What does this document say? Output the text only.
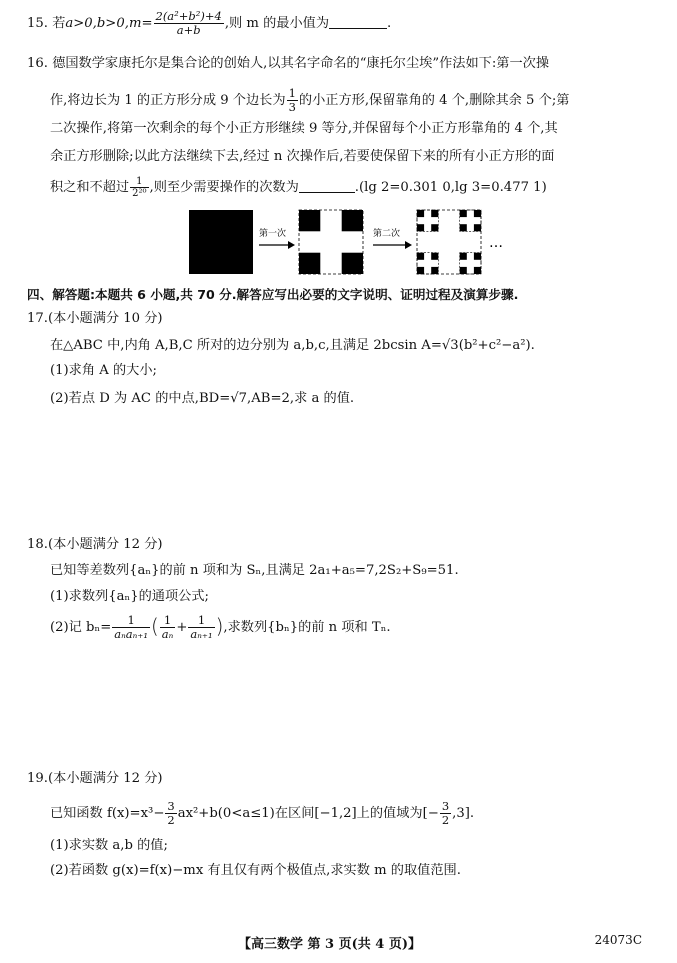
15. 若$a>0,b>0,m= \frac{\text{2(a²+b²)+4}}{a+b}$ ,则 m 的最小值为	.
16. 德国数学家康托尔是集合论的创始人,以其名字命名的“康托尔尘埃”作法如下:第一次操
作,将边长为 1 的正方形分成 9 个边长为 $\frac{1}{3}$ 的小正方形,保留靠角的 4 个,删除其余 5 个;第
二次操作,将第一次剩余的每个小正方形继续 9 等分,并保留每个小正方形靠角的 4 个,其
余正方形删除;以此方法继续下去,经过 n 次操作后,若要使保留下来的所有小正方形的面
积之和不超过 $\frac{1}{\text{2²⁰}}$ ,则至少需要操作的次数为	.(lg 2=0.301 0,lg 3=0.477 1)
第一次	第二次
…
四、解答题:本题共 6 小题,共 70 分.解答应写出必要的文字说明、证明过程及演算步骤.
17.(本小题满分 10 分)
在△ABC 中,内角 A,B,C 所对的边分别为 a,b,c,且满足 2bcsin A=√3(b²+c²−a²).
(1)求角 A 的大小;
(2)若点 D 为 AC 的中点,BD=√7,AB=2,求 a 的值.
18.(本小题满分 12 分)
已知等差数列{aₙ}的前 n 项和为 Sₙ,且满足 2a₁+a₅=7,2S₂+S₉=51.
(1)求数列{aₙ}的通项公式;
(2)记 $b_n= \frac{1}{\text{aₙaₙ₊₁}}$ ( $\frac{1}{\text{aₙ}} + \frac{1}{\text{aₙ₊₁}}$ ),求数列{bₙ}的前 n 项和 Tₙ.
19.(本小题满分 12 分)
已知函数 $f(x)=x^3- \frac{3}{2} ax^2+b(0<a\le 1)$在区间[−1,2]上的值域为[− $\frac{3}{2} ,3$].
(1)求实数 a,b 的值;
(2)若函数 g(x)=f(x)−mx 有且仅有两个极值点,求实数 m 的取值范围.
【高三数学 第 3 页(共 4 页)】	24073C
